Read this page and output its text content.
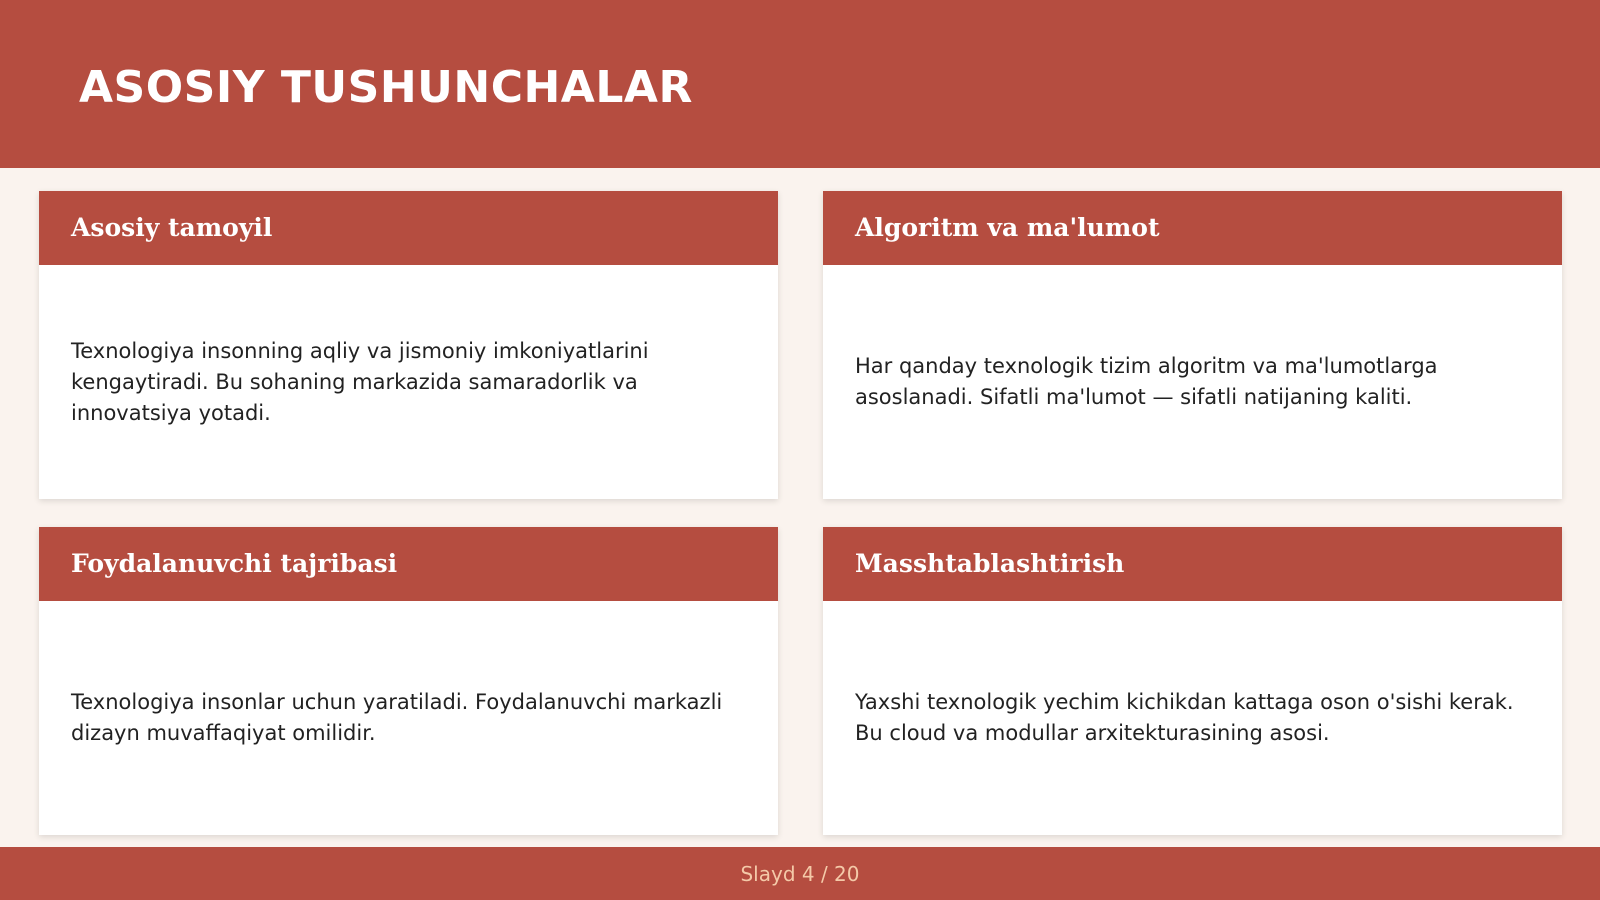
ASOSIY TUSHUNCHALAR
Asosiy tamoyil

Texnologiya insonning aqliy va jismoniy imkoniyatlarini kengaytiradi. Bu sohaning markazida samaradorlik va innovatsiya yotadi.

Algoritm va ma'lumot

Har qanday texnologik tizim algoritm va ma'lumotlarga asoslanadi. Sifatli ma'lumot — sifatli natijaning kaliti.

Foydalanuvchi tajribasi

Texnologiya insonlar uchun yaratiladi. Foydalanuvchi markazli dizayn muvaffaqiyat omilidir.

Masshtablashtirish

Yaxshi texnologik yechim kichikdan kattaga oson o'sishi kerak. Bu cloud va modullar arxitekturasining asosi.

Slayd 4 / 20
